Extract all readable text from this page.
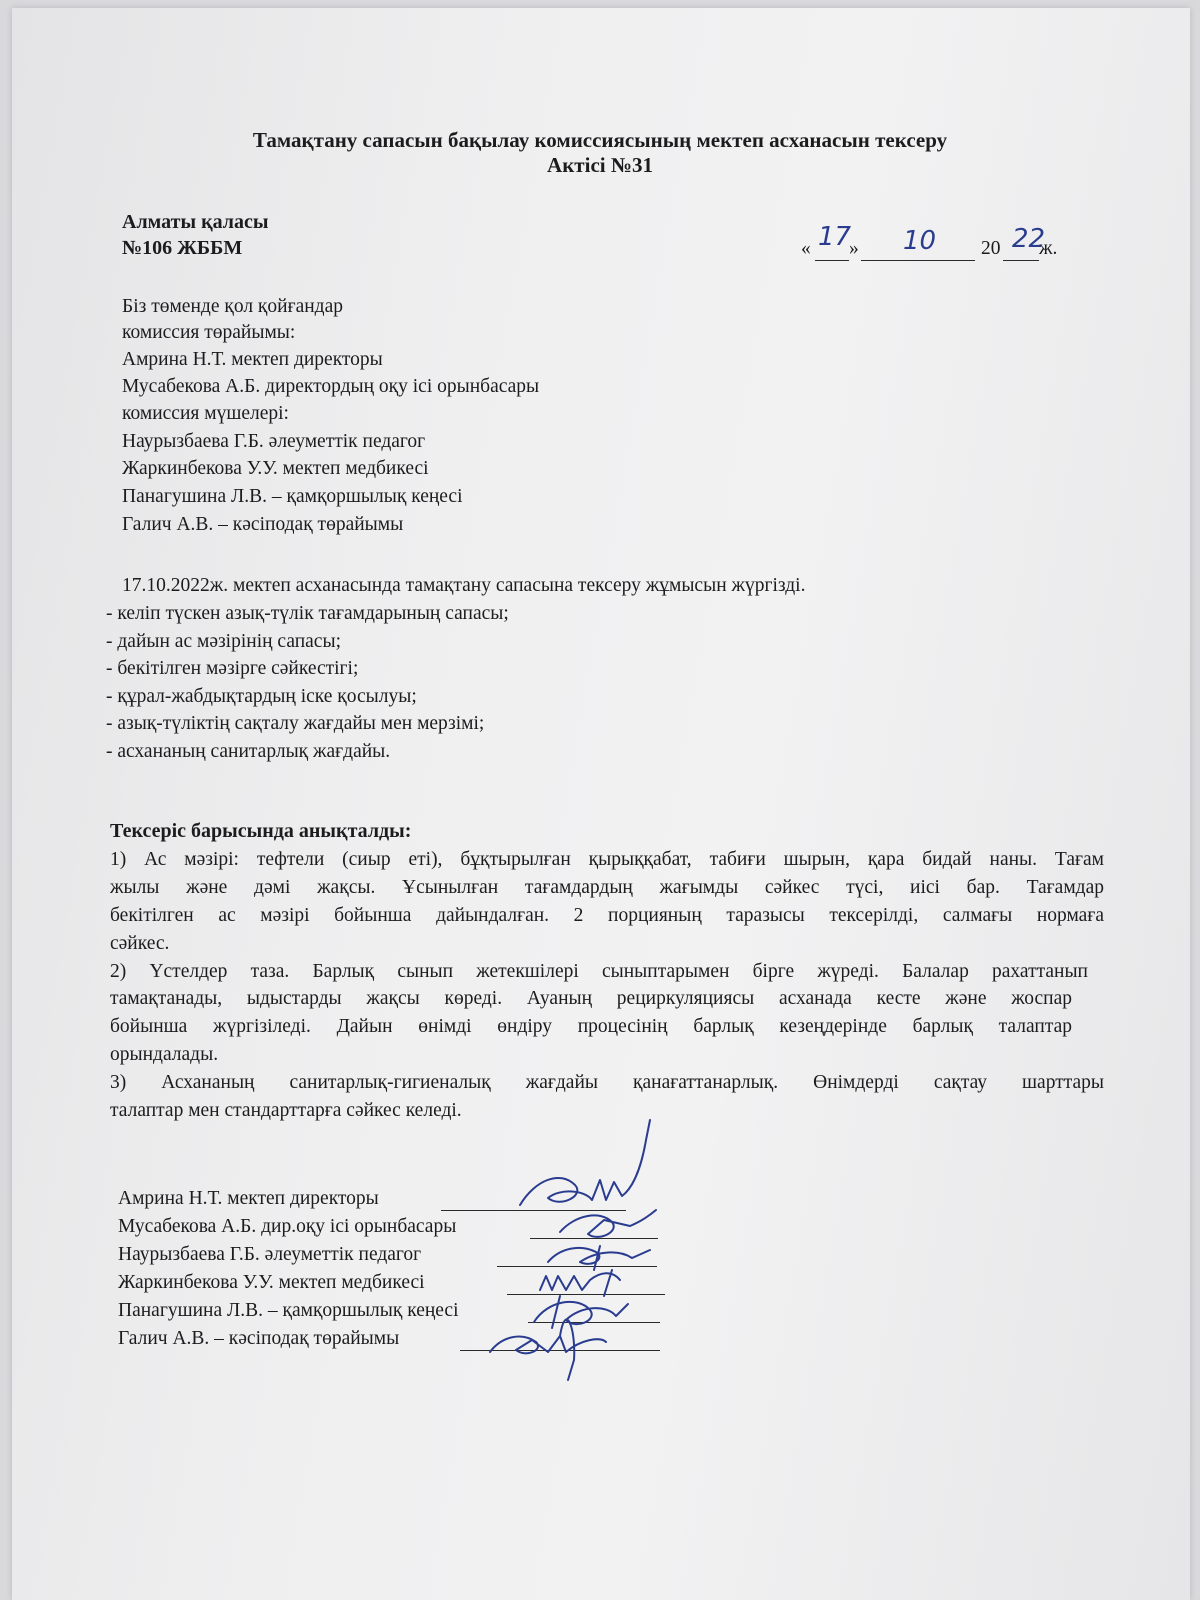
Тамақтану сапасын бақылау комиссиясының мектеп асханасын тексеру
Актісі №31
Алматы қаласы
№106 ЖББМ	« 17
» 10 20 22
ж.
Біз төменде қол қойғандар
комиссия төрайымы:
Амрина Н.Т. мектеп директоры
Мусабекова А.Б. директордың оқу ісі орынбасары
комиссия мүшелері:
Наурызбаева Г.Б. әлеуметтік педагог
Жаркинбекова У.У. мектеп медбикесі
Панагушина Л.В. – қамқоршылық кеңесі
Галич А.В. – кәсіподақ төрайымы
17.10.2022ж. мектеп асханасында тамақтану сапасына тексеру жұмысын жүргізді.
- келіп түскен азық-түлік тағамдарының сапасы;
- дайын ас мәзірінің сапасы;
- бекітілген мәзірге сәйкестігі;
- құрал-жабдықтардың іске қосылуы;
- азық-түліктің сақталу жағдайы мен мерзімі;
- асхананың санитарлық жағдайы.
Тексеріс барысында анықталды:
1) Ас мәзірі: тефтели (сиыр еті), бұқтырылған қырыққабат, табиғи шырын, қара бидай наны. Тағам
жылы және дәмі жақсы. Ұсынылған тағамдардың жағымды сәйкес түсі, иісі бар. Тағамдар
бекітілген ас мәзірі бойынша дайындалған. 2 порцияның таразысы тексерілді, салмағы нормаға
сәйкес.
2) Үстелдер таза. Барлық сынып жетекшілері сыныптарымен бірге жүреді. Балалар рахаттанып
тамақтанады, ыдыстарды жақсы көреді. Ауаның рециркуляциясы асханада кесте және жоспар
бойынша жүргізіледі. Дайын өнімді өндіру процесінің барлық кезеңдерінде барлық талаптар
орындалады.
3) Асхананың санитарлық-гигиеналық жағдайы қанағаттанарлық. Өнімдерді сақтау шарттары
талаптар мен стандарттарға сәйкес келеді.
Амрина Н.Т. мектеп директоры
Мусабекова А.Б. дир.оқу ісі орынбасары
Наурызбаева Г.Б. әлеуметтік педагог
Жаркинбекова У.У. мектеп медбикесі
Панагушина Л.В. – қамқоршылық кеңесі
Галич А.В. – кәсіподақ төрайымы
